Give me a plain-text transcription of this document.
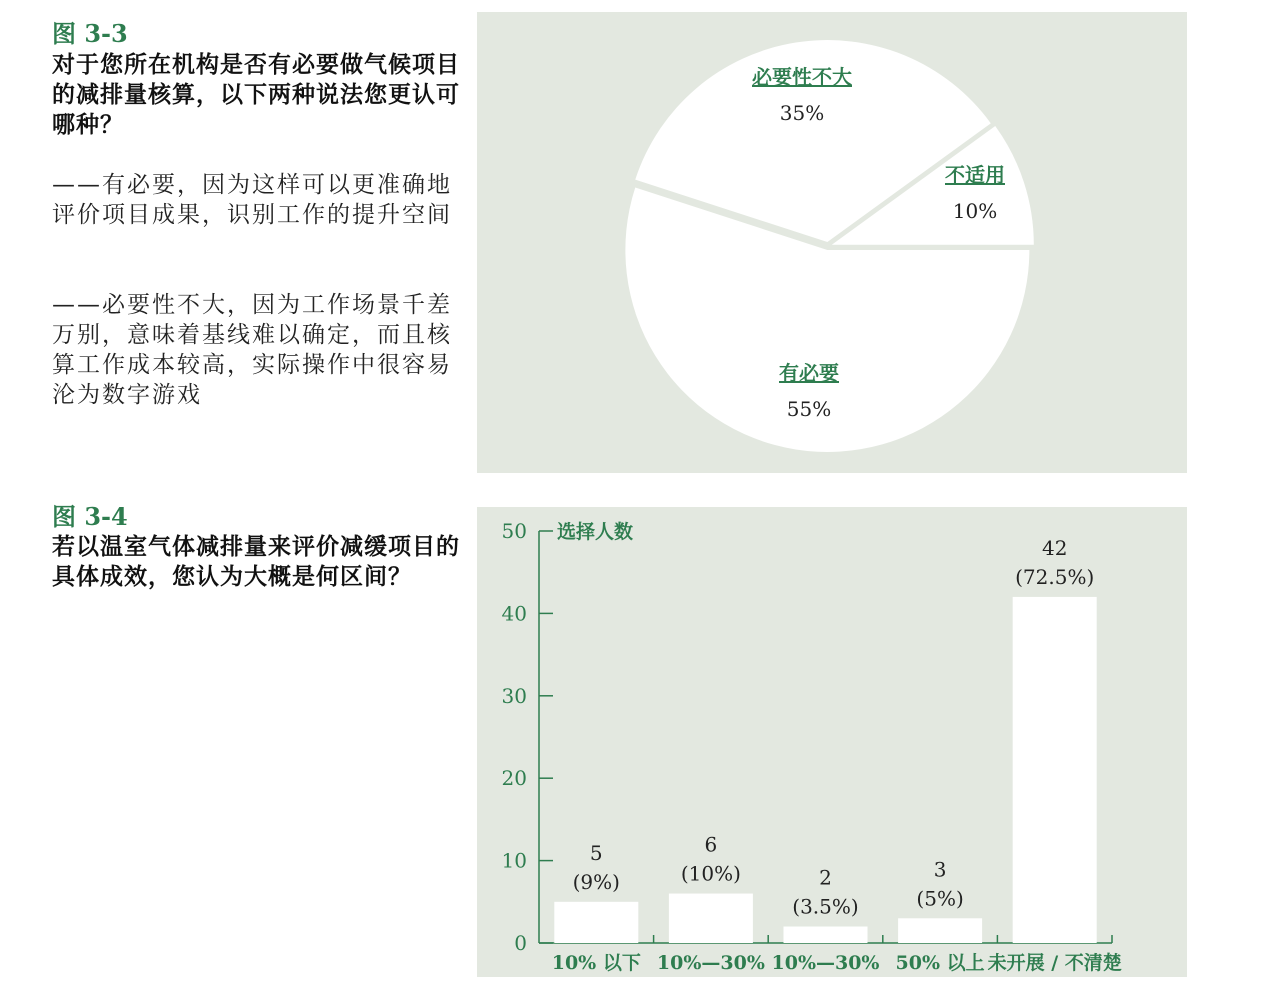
图 3-3
对于您所在机构是否有必要做气候项目的减排量核算，以下两种说法您更认可哪种？
——有必要，因为这样可以更准确地评价项目成果，识别工作的提升空间
——必要性不大，因为工作场景千差万别，意味着基线难以确定，而且核算工作成本较高，实际操作中很容易沦为数字游戏
不适用
10%
必要性不大
35%
有必要
55%
图 3-4
若以温室气体减排量来评价减缓项目的具体成效，您认为大概是何区间？
0
10
20
30
40
50 选择人数
5
(9%)
10% 以下
6
(10%)
10%—30%
2
(3.5%)
10%—30%
3
(5%)
50% 以上
42
(72.5%)
未开展 / 不清楚
